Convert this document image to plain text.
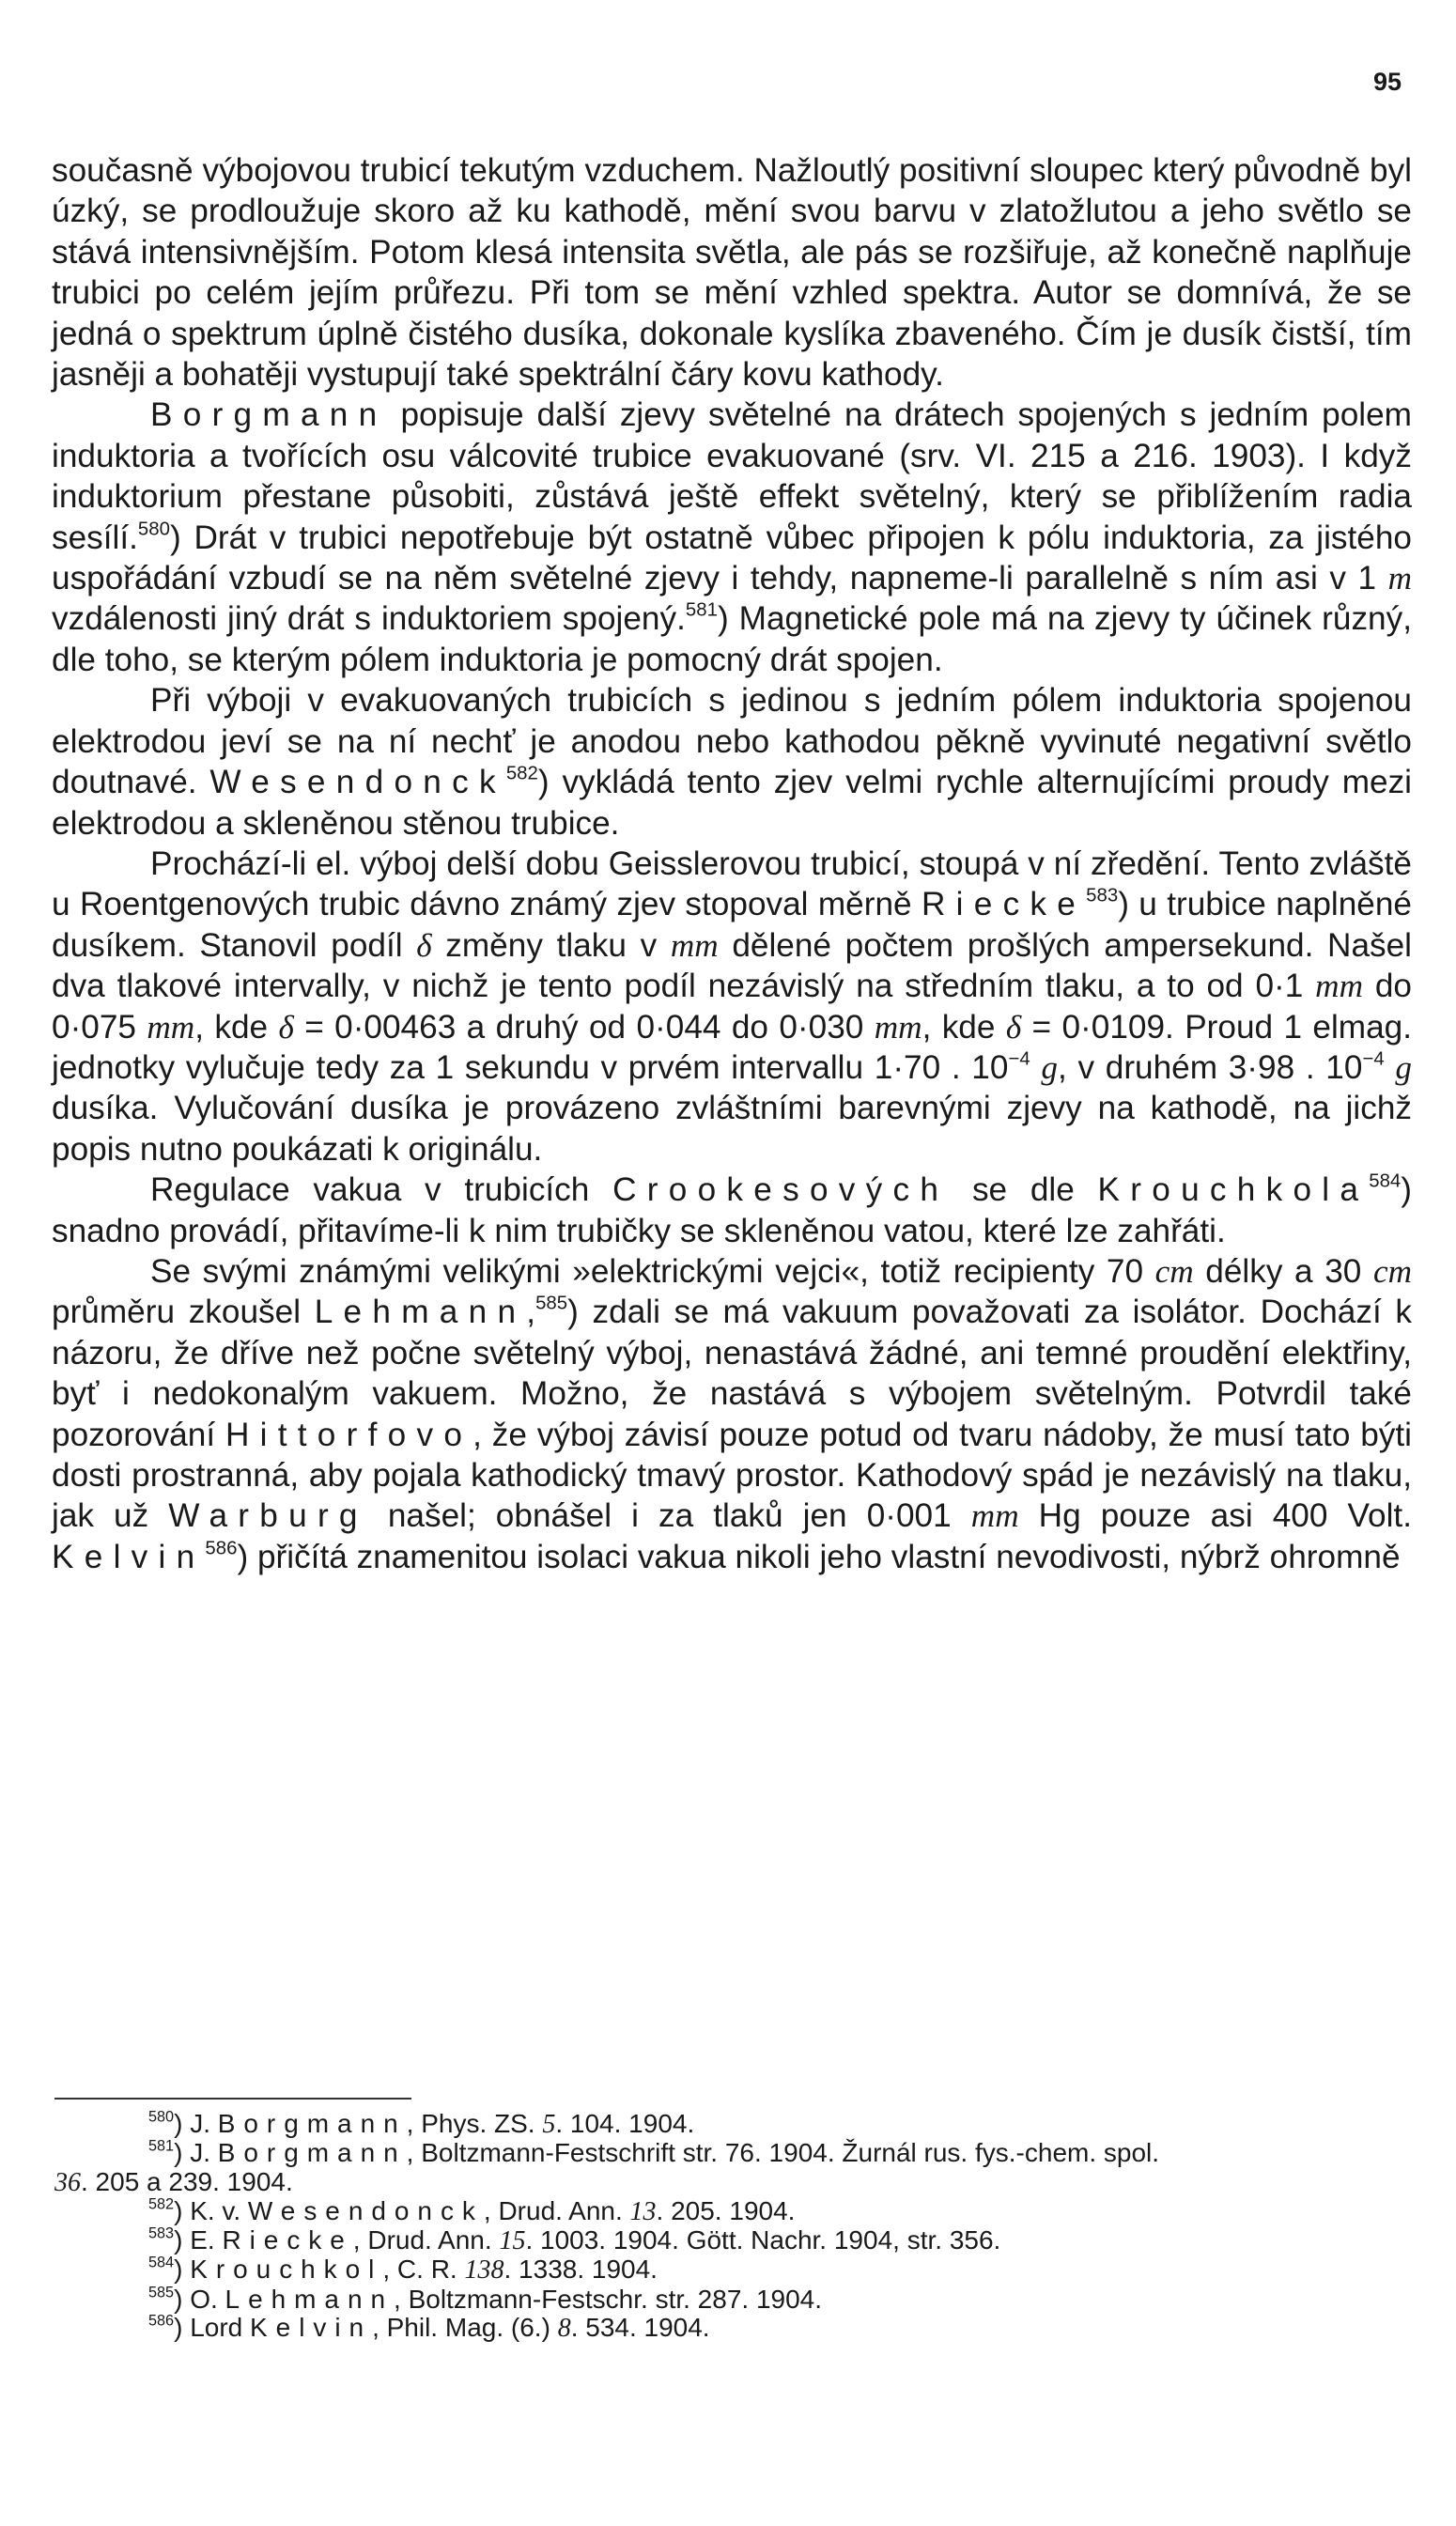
95

současně výbojovou trubicí tekutým vzduchem. Nažloutlý positivní sloupec který původně byl úzký, se prodloužuje skoro až ku kathodě, mění svou barvu v zlatožlutou a jeho světlo se stává intensivnějším. Potom klesá intensita světla, ale pás se rozšiřuje, až konečně naplňuje trubici po celém jejím průřezu. Při tom se mění vzhled spektra. Autor se domnívá, že se jedná o spektrum úplně čistého dusíka, dokonale kyslíka zbaveného. Čím je dusík čistší, tím jasněji a bohatěji vystupují také spektrální čáry kovu kathody.

Borgmann popisuje další zjevy světelné na drátech spojených s jedním polem induktoria a tvořících osu válcovité trubice evakuované (srv. VI. 215 a 216. 1903). I když induktorium přestane působiti, zůstává ještě effekt světelný, který se přiblížením radia sesílí.$^{580}$) Drát v trubici nepotřebuje být ostatně vůbec připojen k pólu induktoria, za jistého uspořádání vzbudí se na něm světelné zjevy i tehdy, napneme-li parallelně s ním asi v 1 m vzdálenosti jiný drát s induktoriem spojený.$^{581}$) Magnetické pole má na zjevy ty účinek různý, dle toho, se kterým pólem induktoria je pomocný drát spojen.

Při výboji v evakuovaných trubicích s jedinou s jedním pólem induktoria spojenou elektrodou jeví se na ní nechť je anodou nebo kathodou pěkně vyvinuté negativní světlo doutnavé. Wesendonck$^{582}$) vykládá tento zjev velmi rychle alternujícími proudy mezi elektrodou a skleněnou stěnou trubice.

Prochází-li el. výboj delší dobu Geisslerovou trubicí, stoupá v ní zředění. Tento zvláště u Roentgenových trubic dávno známý zjev stopoval měrně Riecke$^{583}$) u trubice naplněné dusíkem. Stanovil podíl δ změny tlaku v mm dělené počtem prošlých ampersekund. Našel dva tlakové intervally, v nichž je tento podíl nezávislý na středním tlaku, a to od 0·1 mm do 0·075 mm, kde δ = 0·00463 a druhý od 0·044 do 0·030 mm, kde δ = 0·0109. Proud 1 elmag. jednotky vylučuje tedy za 1 sekundu v prvém intervallu 1·70 . $10^{-4}$ g, v druhém 3·98 . $10^{-4}$ g dusíka. Vylučování dusíka je provázeno zvláštními barevnými zjevy na kathodě, na jichž popis nutno poukázati k originálu.

Regulace vakua v trubicích Crookesových se dle Krouchkola$^{584}$) snadno provádí, přitavíme-li k nim trubičky se skleněnou vatou, které lze zahřáti.

Se svými známými velikými »elektrickými vejci«, totiž recipienty 70 cm délky a 30 cm průměru zkoušel Lehmann,$^{585}$) zdali se má vakuum považovati za isolátor. Dochází k názoru, že dříve než počne světelný výboj, nenastává žádné, ani temné proudění elektřiny, byť i nedokonalým vakuem. Možno, že nastává s výbojem světelným. Potvrdil také pozorování Hittorfovo, že výboj závisí pouze potud od tvaru nádoby, že musí tato býti dosti prostranná, aby pojala kathodický tmavý prostor. Kathodový spád je nezávislý na tlaku, jak už Warburg našel; obnášel i za tlaků jen 0·001 mm Hg pouze asi 400 Volt. Kelvin$^{586}$) přičítá znamenitou isolaci vakua nikoli jeho vlastní nevodivosti, nýbrž ohromně

$^{580}$) J. Borgmann, Phys. ZS. 5. 104. 1904.

$^{581}$) J. Borgmann, Boltzmann-Festschrift str. 76. 1904. Žurnál rus. fys.-chem. spol.

36. 205 a 239. 1904.

$^{582}$) K. v. Wesendonck, Drud. Ann. 13. 205. 1904.

$^{583}$) E. Riecke, Drud. Ann. 15. 1003. 1904. Gött. Nachr. 1904, str. 356.

$^{584}$) Krouchkol, C. R. 138. 1338. 1904.

$^{585}$) O. Lehmann, Boltzmann-Festschr. str. 287. 1904.

$^{586}$) Lord Kelvin, Phil. Mag. (6.) 8. 534. 1904.
